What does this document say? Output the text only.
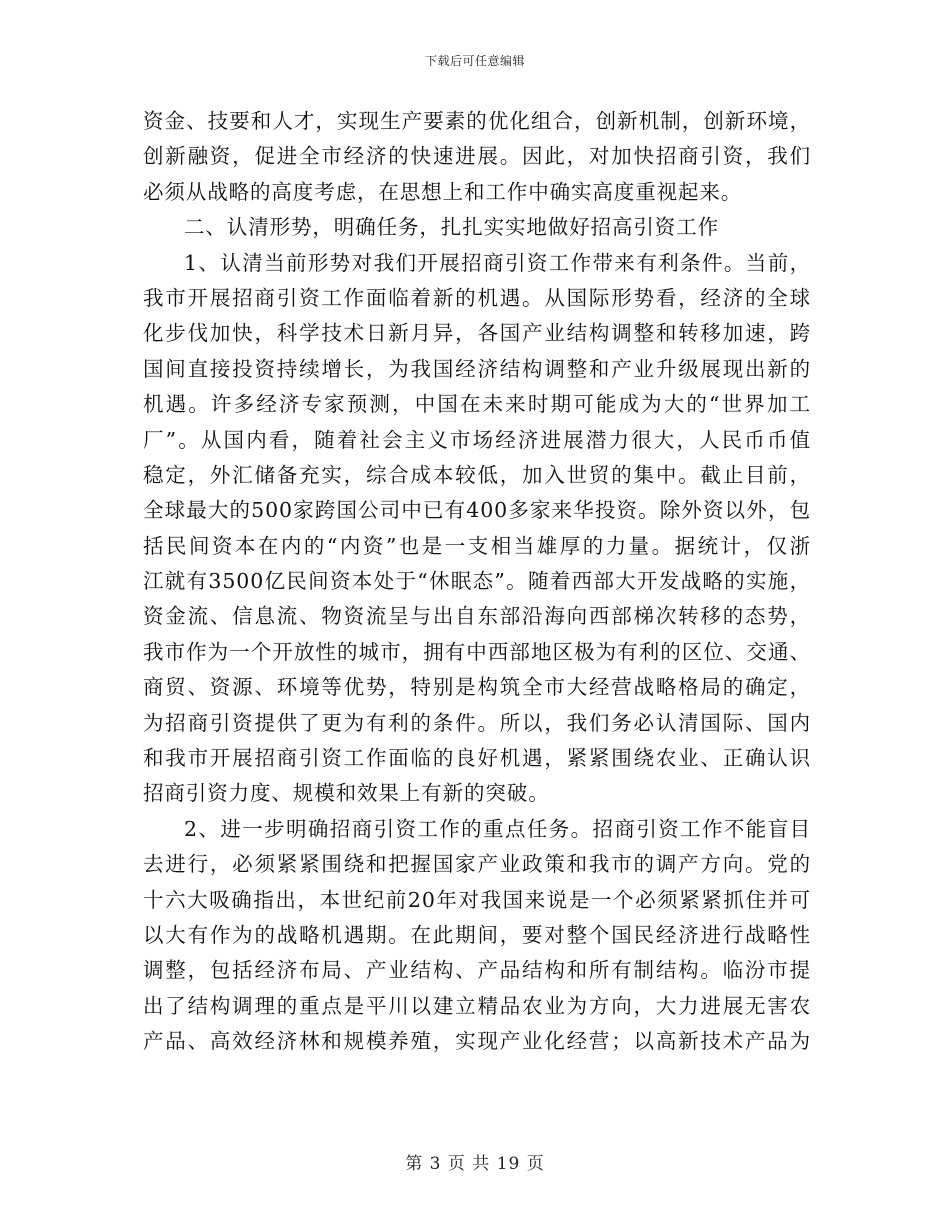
下载后可任意编辑
资金、技要和人才，实现生产要素的优化组合，创新机制，创新环境，
创新融资，促进全市经济的快速进展。因此，对加快招商引资，我们
必须从战略的高度考虑，在思想上和工作中确实高度重视起来。
二、认清形势，明确任务，扎扎实实地做好招高引资工作
1、认清当前形势对我们开展招商引资工作带来有利条件。当前，
我市开展招商引资工作面临着新的机遇。从国际形势看，经济的全球
化步伐加快，科学技术日新月异，各国产业结构调整和转移加速，跨
国间直接投资持续增长，为我国经济结构调整和产业升级展现出新的
机遇。许多经济专家预测，中国在未来时期可能成为大的“世界加工
厂”。从国内看，随着社会主义市场经济进展潜力很大，人民币币值
稳定，外汇储备充实，综合成本较低，加入世贸的集中。截止目前，
全球最大的500家跨国公司中已有400多家来华投资。除外资以外，包
括民间资本在内的“内资”也是一支相当雄厚的力量。据统计，仅浙
江就有3500亿民间资本处于“休眠态”。随着西部大开发战略的实施，
资金流、信息流、物资流呈与出自东部沿海向西部梯次转移的态势，
我市作为一个开放性的城市，拥有中西部地区极为有利的区位、交通、
商贸、资源、环境等优势，特别是构筑全市大经营战略格局的确定，
为招商引资提供了更为有利的条件。所以，我们务必认清国际、国内
和我市开展招商引资工作面临的良好机遇，紧紧围绕农业、正确认识
招商引资力度、规模和效果上有新的突破。
2、进一步明确招商引资工作的重点任务。招商引资工作不能盲目
去进行，必须紧紧围绕和把握国家产业政策和我市的调产方向。党的
十六大吸确指出，本世纪前20年对我国来说是一个必须紧紧抓住并可
以大有作为的战略机遇期。在此期间，要对整个国民经济进行战略性
调整，包括经济布局、产业结构、产品结构和所有制结构。临汾市提
出了结构调理的重点是平川以建立精品农业为方向，大力进展无害农
产品、高效经济林和规模养殖，实现产业化经营；以高新技术产品为
第 3 页 共 19 页
